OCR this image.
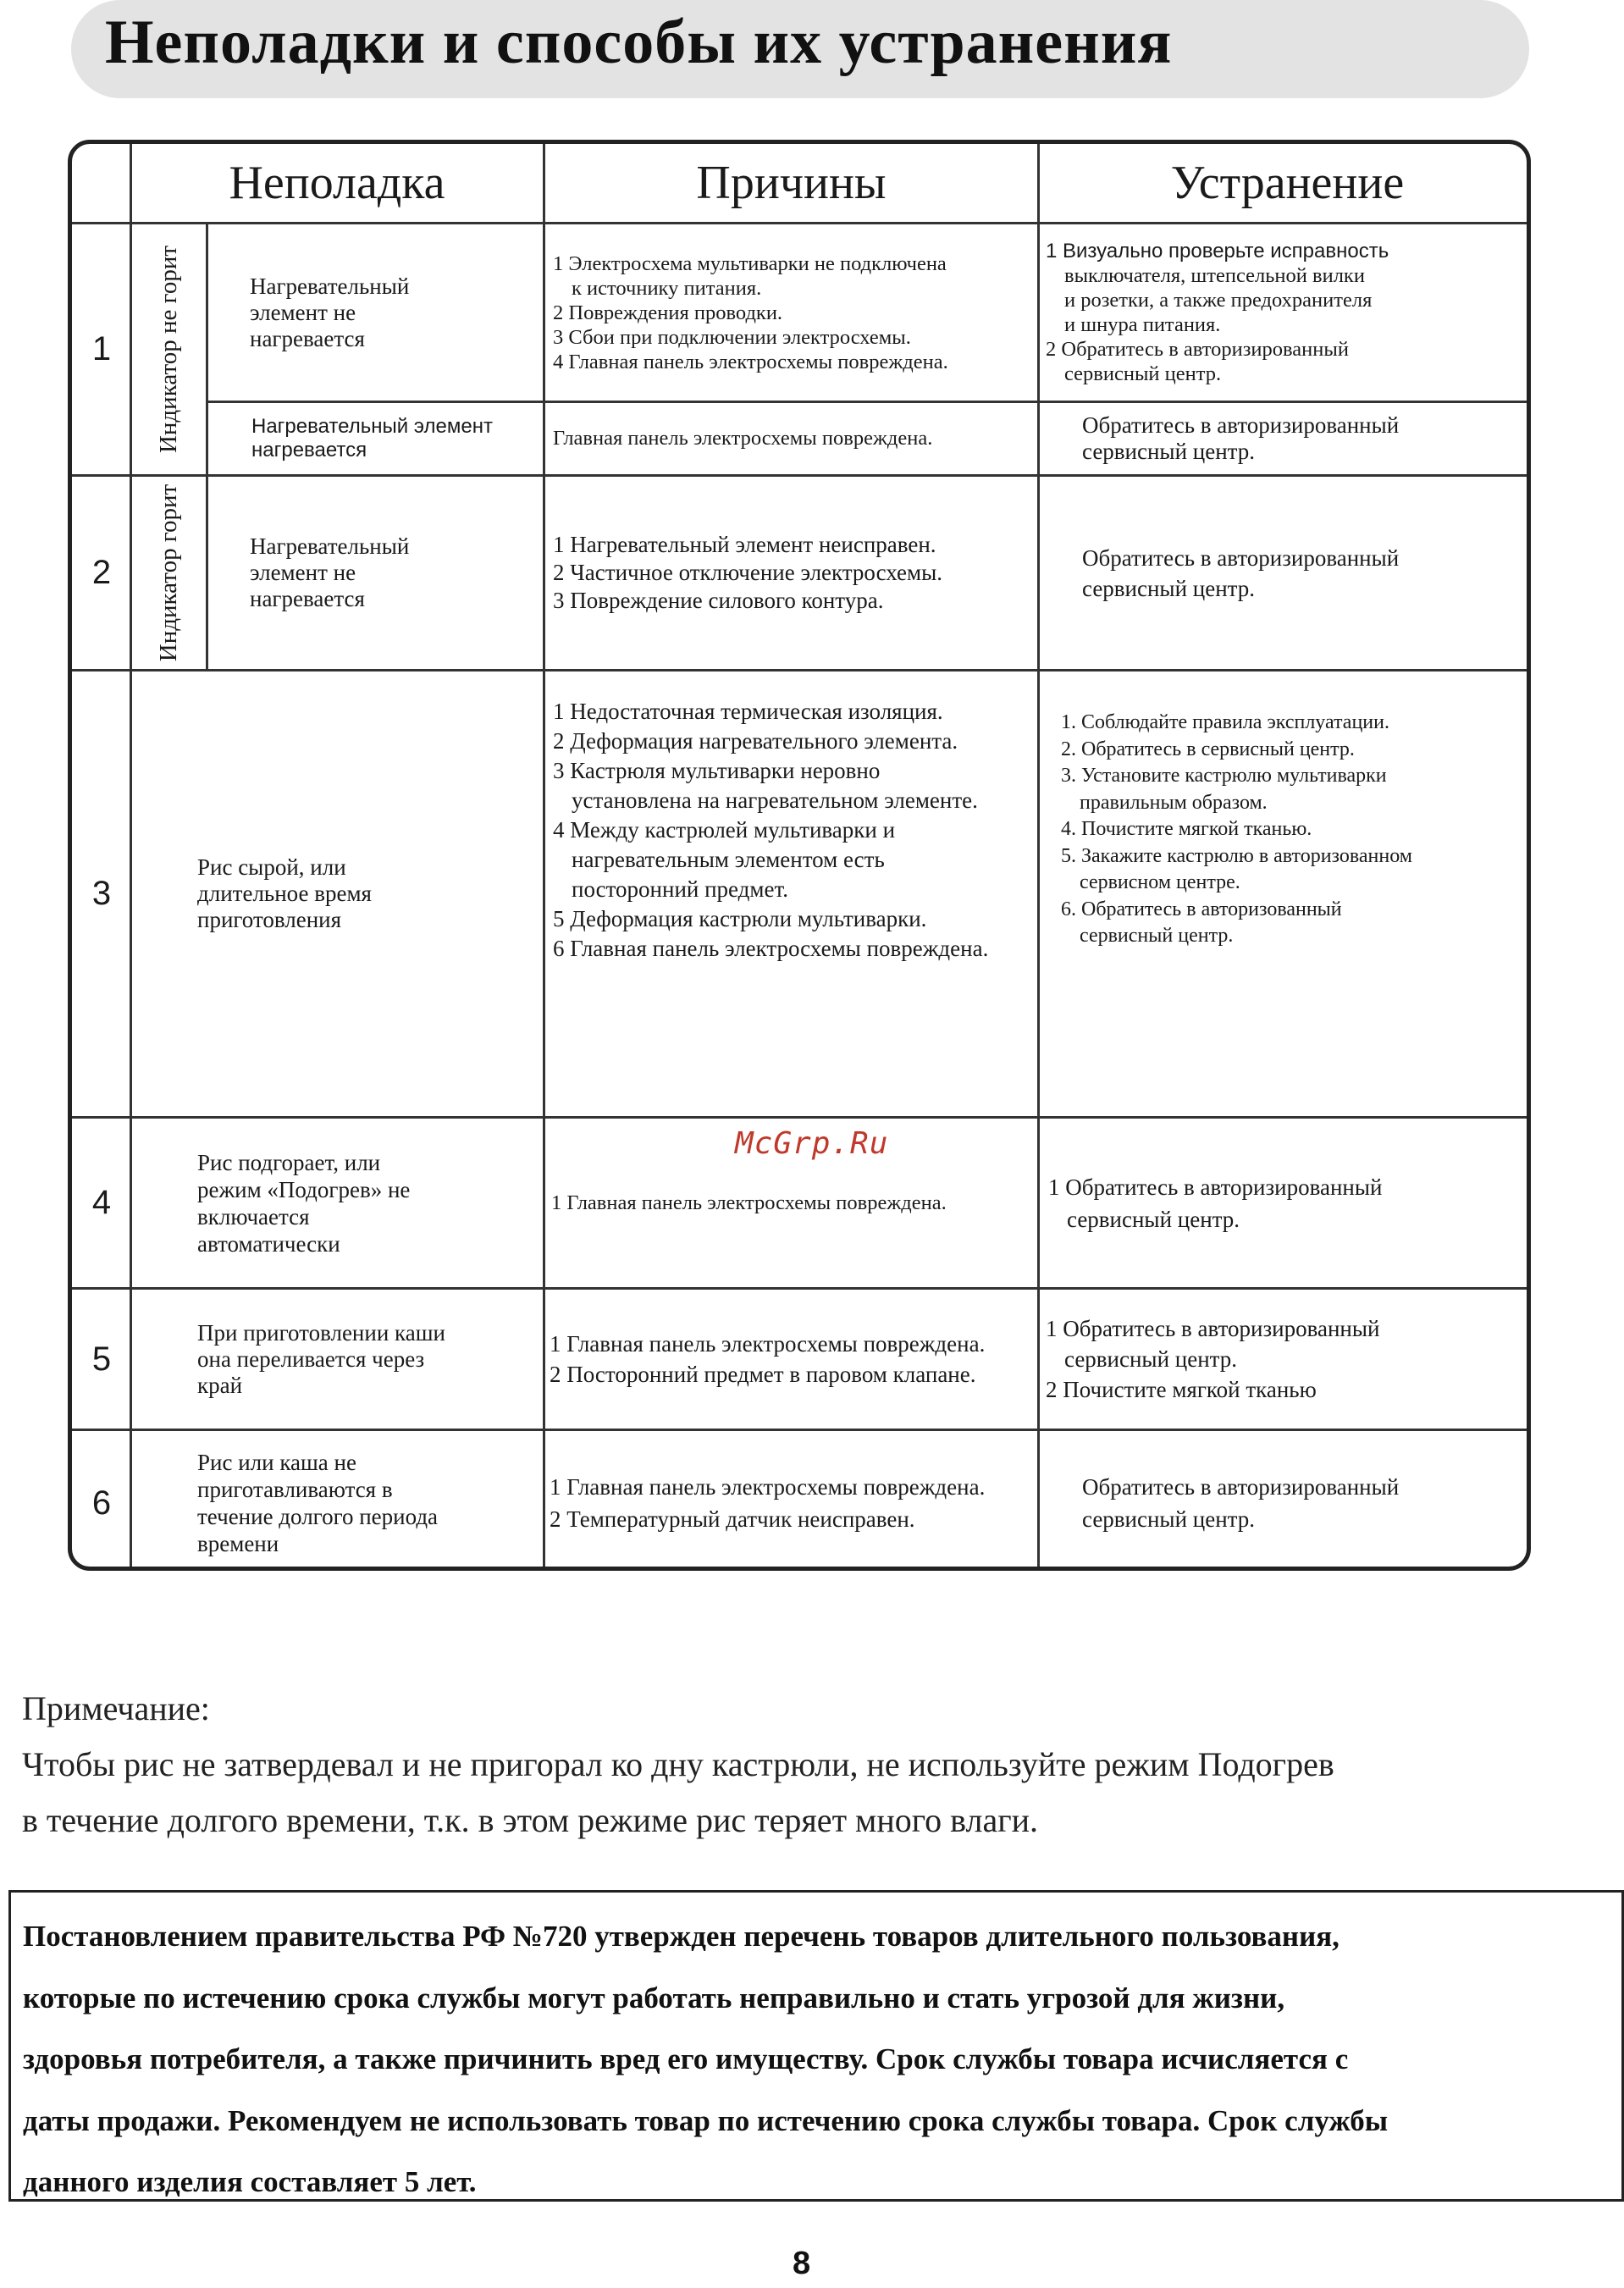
Неполадки и способы их устранения
Неполадка	Причины	Устранение
1
2
3
4
5
6
Индикатор не горит
Индикатор горит
Нагревательный
элемент не
нагревается
1 Электросхема мультиварки не подключена
к источнику питания.
2 Повреждения проводки.
3 Сбои при подключении электросхемы.
4 Главная панель электросхемы повреждена.
1 Визуально проверьте исправность
выключателя, штепсельной вилки
и розетки, а также предохранителя
и шнура питания.
2 Обратитесь в авторизированный
сервисный центр.
Нагревательный элемент
нагревается
Главная панель электросхемы повреждена.
Обратитесь в авторизированный
сервисный центр.
Нагревательный
элемент не
нагревается
1 Нагревательный элемент неисправен.
2 Частичное отключение электросхемы.
3 Повреждение силового контура.
Обратитесь в авторизированный
сервисный центр.
Рис сырой, или
длительное время
приготовления
1 Недостаточная термическая изоляция.
2 Деформация нагревательного элемента.
3 Кастрюля мультиварки неровно
установлена на нагревательном элементе.
4 Между кастрюлей мультиварки и
нагревательным элементом есть
посторонний предмет.
5 Деформация кастрюли мультиварки.
6 Главная панель электросхемы повреждена.
1. Соблюдайте правила эксплуатации.
2. Обратитесь в сервисный центр.
3. Установите кастрюлю мультиварки
правильным образом.
4. Почистите мягкой тканью.
5. Закажите кастрюлю в авторизованном
сервисном центре.
6. Обратитесь в авторизованный
сервисный центр.
Рис подгорает, или
режим «Подогрев» не
включается
автоматически
1 Главная панель электросхемы повреждена.
1 Обратитесь в авторизированный
сервисный центр.
При приготовлении каши
она переливается через
край
1 Главная панель электросхемы повреждена.
2 Посторонний предмет в паровом клапане.
1 Обратитесь в авторизированный
сервисный центр.
2 Почистите мягкой тканью
Рис или каша не
приготавливаются в
течение долгого периода
времени
1 Главная панель электросхемы повреждена.
2 Температурный датчик неисправен.
Обратитесь в авторизированный
сервисный центр.
McGrp.Ru
Примечание:
Чтобы рис не затвердевал и не пригорал ко дну кастрюли, не используйте режим Подогрев
в течение долгого времени, т.к. в этом режиме рис теряет много влаги.
Постановлением правительства РФ №720 утвержден перечень товаров длительного пользования,
которые по истечению срока службы могут работать неправильно и стать угрозой для жизни,
здоровья потребителя, а также причинить вред его имуществу. Срок службы товара исчисляется с
даты продажи. Рекомендуем не использовать товар по истечению срока службы товара. Срок службы
данного изделия составляет 5 лет.
8
